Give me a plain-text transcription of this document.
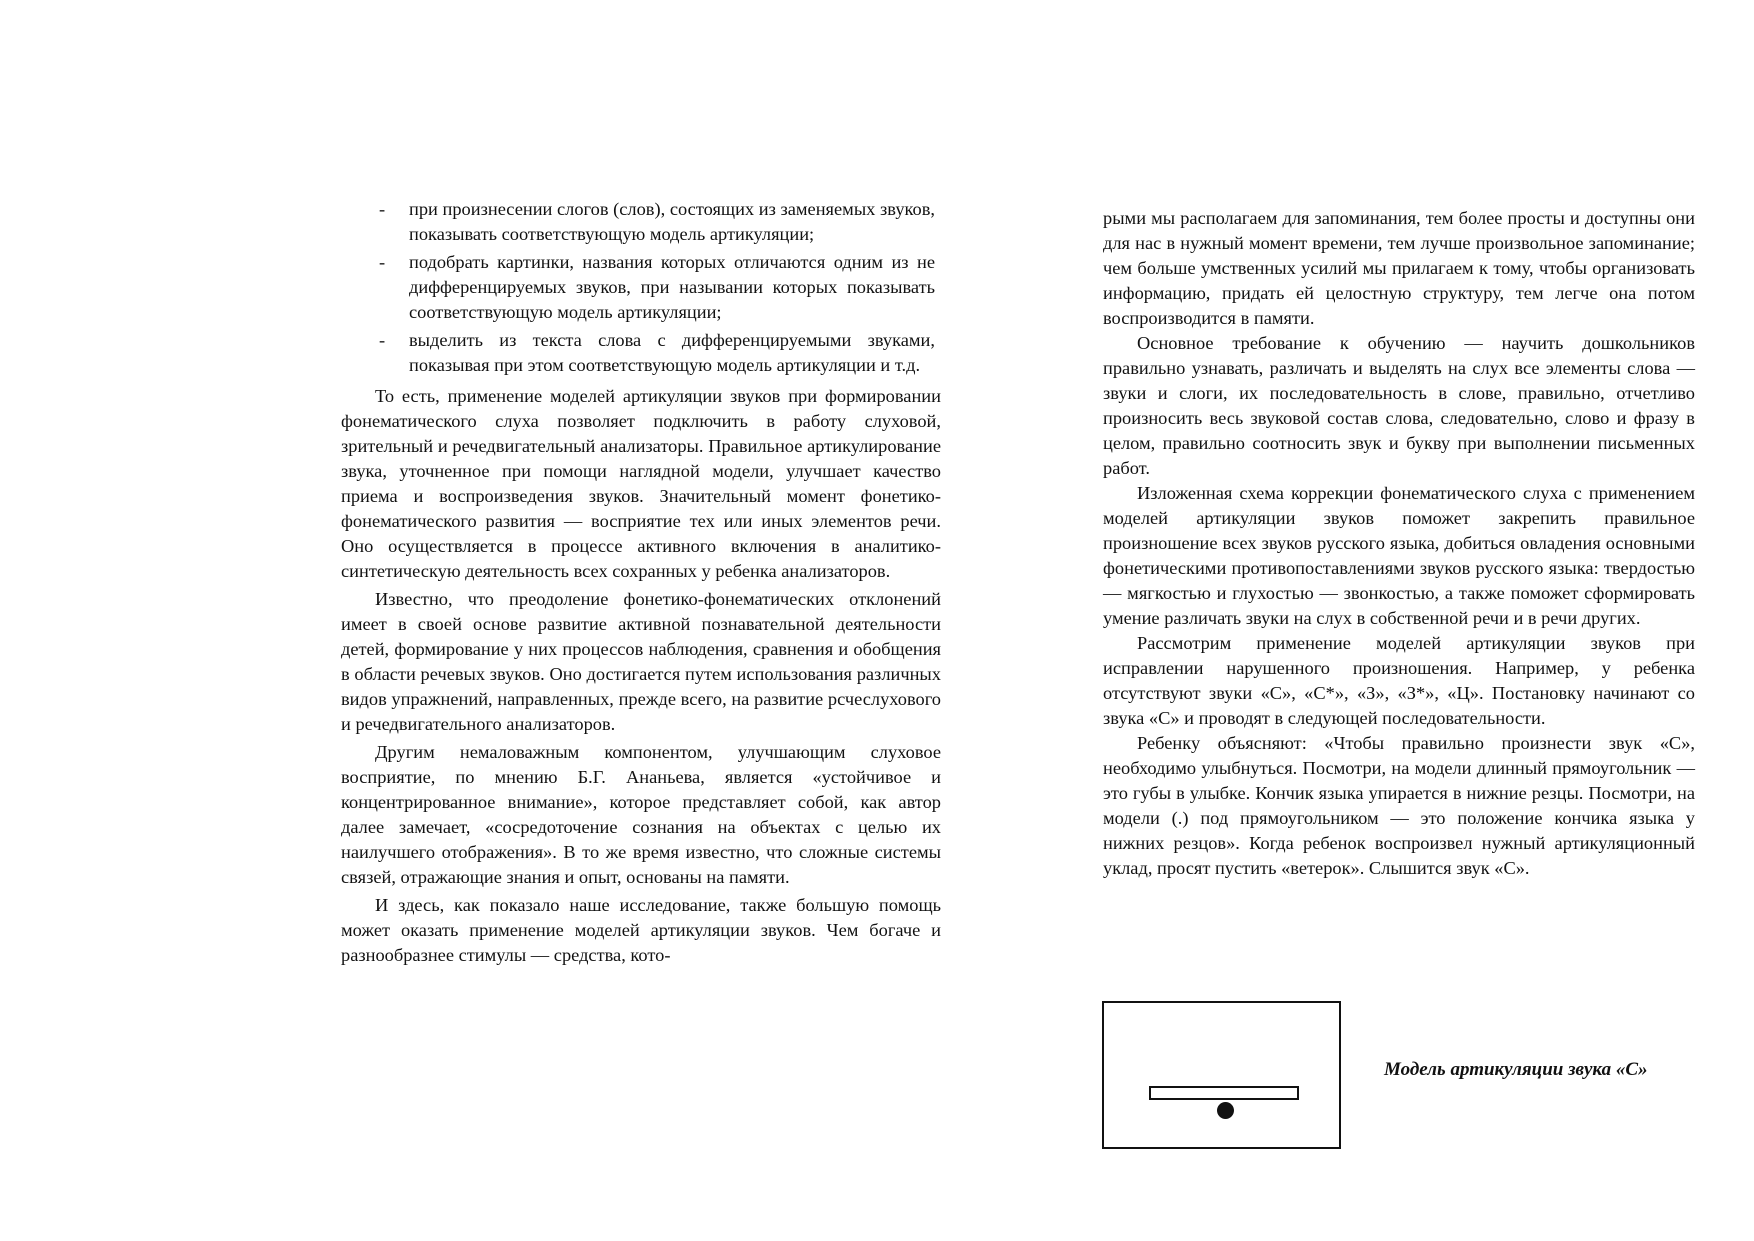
- при произнесении слогов (слов), состоящих из заменяемых звуков, показывать соответствующую модель артикуляции;
- подобрать картинки, названия которых отличаются одним из не дифференцируемых звуков, при назывании которых показывать соответствующую модель артикуляции;
- выделить из текста слова с дифференцируемыми звуками, показывая при этом соответствующую модель артикуляции и т.д.

То есть, применение моделей артикуляции звуков при формировании фонематического слуха позволяет подключить в работу слуховой, зрительный и речедвигательный анализаторы. Правильное артикулирование звука, уточненное при помощи наглядной модели, улучшает качество приема и воспроизведения звуков. Значительный момент фонетико-фонематического развития — восприятие тех или иных элементов речи. Оно осуществляется в процессе активного включения в аналитико-синтетическую деятельность всех сохранных у ребенка анализаторов.

Известно, что преодоление фонетико-фонематических отклонений имеет в своей основе развитие активной познавательной деятельности детей, формирование у них процессов наблюдения, сравнения и обобщения в области речевых звуков. Оно достигается путем использования различных видов упражнений, направленных, прежде всего, на развитие рсчеслухового и речедвигательного анализаторов.

Другим немаловажным компонентом, улучшающим слуховое восприятие, по мнению Б.Г. Ананьева, является «устойчивое и концентрированное внимание», которое представляет собой, как автор далее замечает, «сосредоточение сознания на объектах с целью их наилучшего отображения». В то же время известно, что сложные системы связей, отражающие знания и опыт, основаны на памяти.

И здесь, как показало наше исследование, также большую помощь может оказать применение моделей артикуляции звуков. Чем богаче и разнообразнее стимулы — средства, кото-

рыми мы располагаем для запоминания, тем более просты и доступны они для нас в нужный момент времени, тем лучше произвольное запоминание; чем больше умственных усилий мы прилагаем к тому, чтобы организовать информацию, придать ей целостную структуру, тем легче она потом воспроизводится в памяти.

Основное требование к обучению — научить дошкольников правильно узнавать, различать и выделять на слух все элементы слова — звуки и слоги, их последовательность в слове, правильно, отчетливо произносить весь звуковой состав слова, следовательно, слово и фразу в целом, правильно соотносить звук и букву при выполнении письменных работ.

Изложенная схема коррекции фонематического слуха с применением моделей артикуляции звуков поможет закрепить правильное произношение всех звуков русского языка, добиться овладения основными фонетическими противопоставлениями звуков русского языка: твердостью — мягкостью и глухостью — звонкостью, а также поможет сформировать умение различать звуки на слух в собственной речи и в речи других.

Рассмотрим применение моделей артикуляции звуков при исправлении нарушенного произношения. Например, у ребенка отсутствуют звуки «С», «С*», «З», «З*», «Ц». Постановку начинают со звука «С» и проводят в следующей последовательности.

Ребенку объясняют: «Чтобы правильно произнести звук «С», необходимо улыбнуться. Посмотри, на модели длинный прямоугольник — это губы в улыбке. Кончик языка упирается в нижние резцы. Посмотри, на модели (.) под прямоугольником — это положение кончика языка у нижних резцов». Когда ребенок воспроизвел нужный артикуляционный уклад, просят пустить «ветерок». Слышится звук «С».

Модель артикуляции звука «С»
